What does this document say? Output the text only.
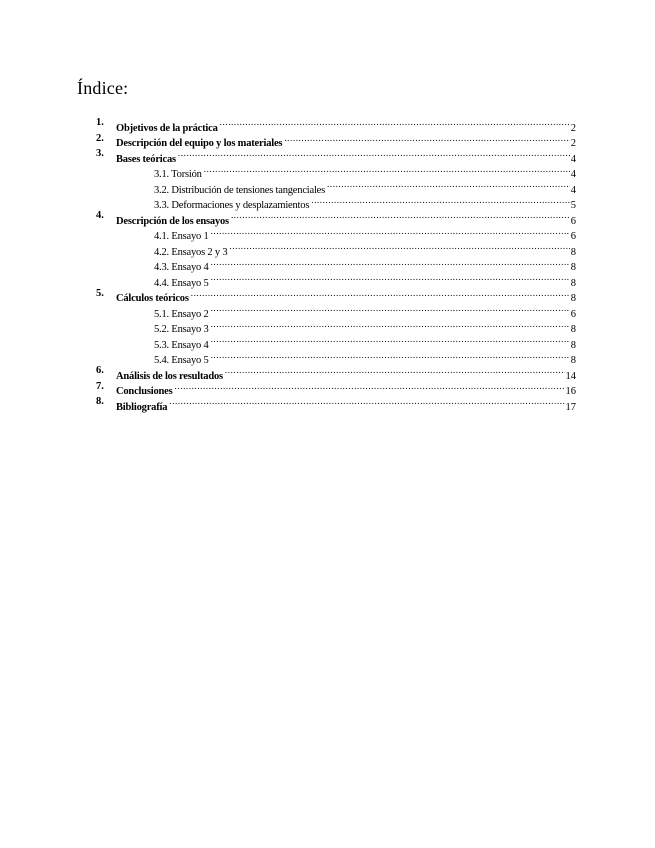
Índice:
1. Objetivos de la práctica .....	2
2. Descripción del equipo y los materiales .....	2
3. Bases teóricas .....	4
3.1. Torsión .....	4
3.2. Distribución de tensiones tangenciales .....	4
3.3. Deformaciones y desplazamientos .....	5
4. Descripción de los ensayos .....	6
4.1. Ensayo 1 .....	6
4.2. Ensayos 2 y 3 .....	8
4.3. Ensayo 4 .....	8
4.4. Ensayo 5 .....	8
5. Cálculos teóricos .....	8
5.1. Ensayo 2 .....	6
5.2. Ensayo 3 .....	8
5.3. Ensayo 4 .....	8
5.4. Ensayo 5 .....	8
6. Análisis de los resultados .....	14
7. Conclusiones .....	16
8. Bibliografía .....	17
